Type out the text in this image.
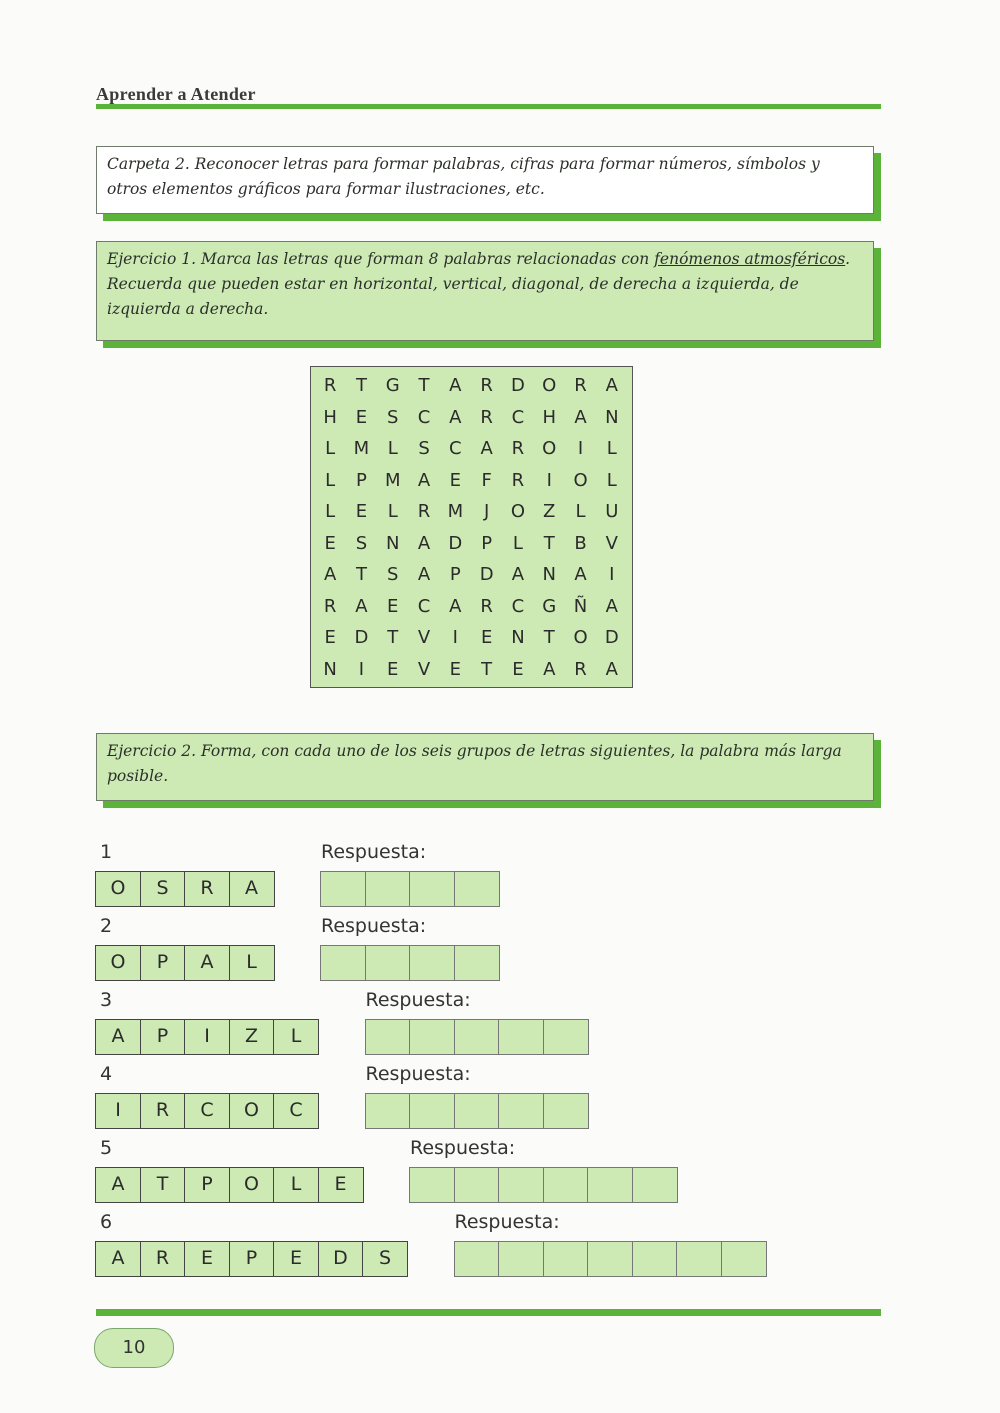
Aprender a Atender
Carpeta 2. Reconocer letras para formar palabras, cifras para formar números, símbolos y otros elementos gráficos para formar ilustraciones, etc.
Ejercicio 1. Marca las letras que forman 8 palabras relacionadas con fenómenos atmosféricos. Recuerda que pueden estar en horizontal, vertical, diagonal, de derecha a izquierda, de izquierda a derecha.
R	T G T	A R D O R A
H E	S	C A R C H A N
L M L	S	C A R O	I	L
L	P M A	E	F	R	I	O	L
L	E	L	R M	J	O Z	L	U
E	S N A D P	L	T	B V
A	T	S	A	P D A N A	I
R A	E	C A R C G Ñ A
E D T	V	I	E N	T O D
N	I	E	V	E	T	E	A R A
Ejercicio 2. Forma, con cada uno de los seis grupos de letras siguientes, la palabra más larga posible.
1
O	S	R	A
Respuesta:
2
O	P	A	L
Respuesta:
3
A	P	I	Z	L
Respuesta:
4
I	R	C	O	C
Respuesta:
5
A	T	P	O	L	E
Respuesta:
6
A	R	E	P	E	D	S
Respuesta:
10
